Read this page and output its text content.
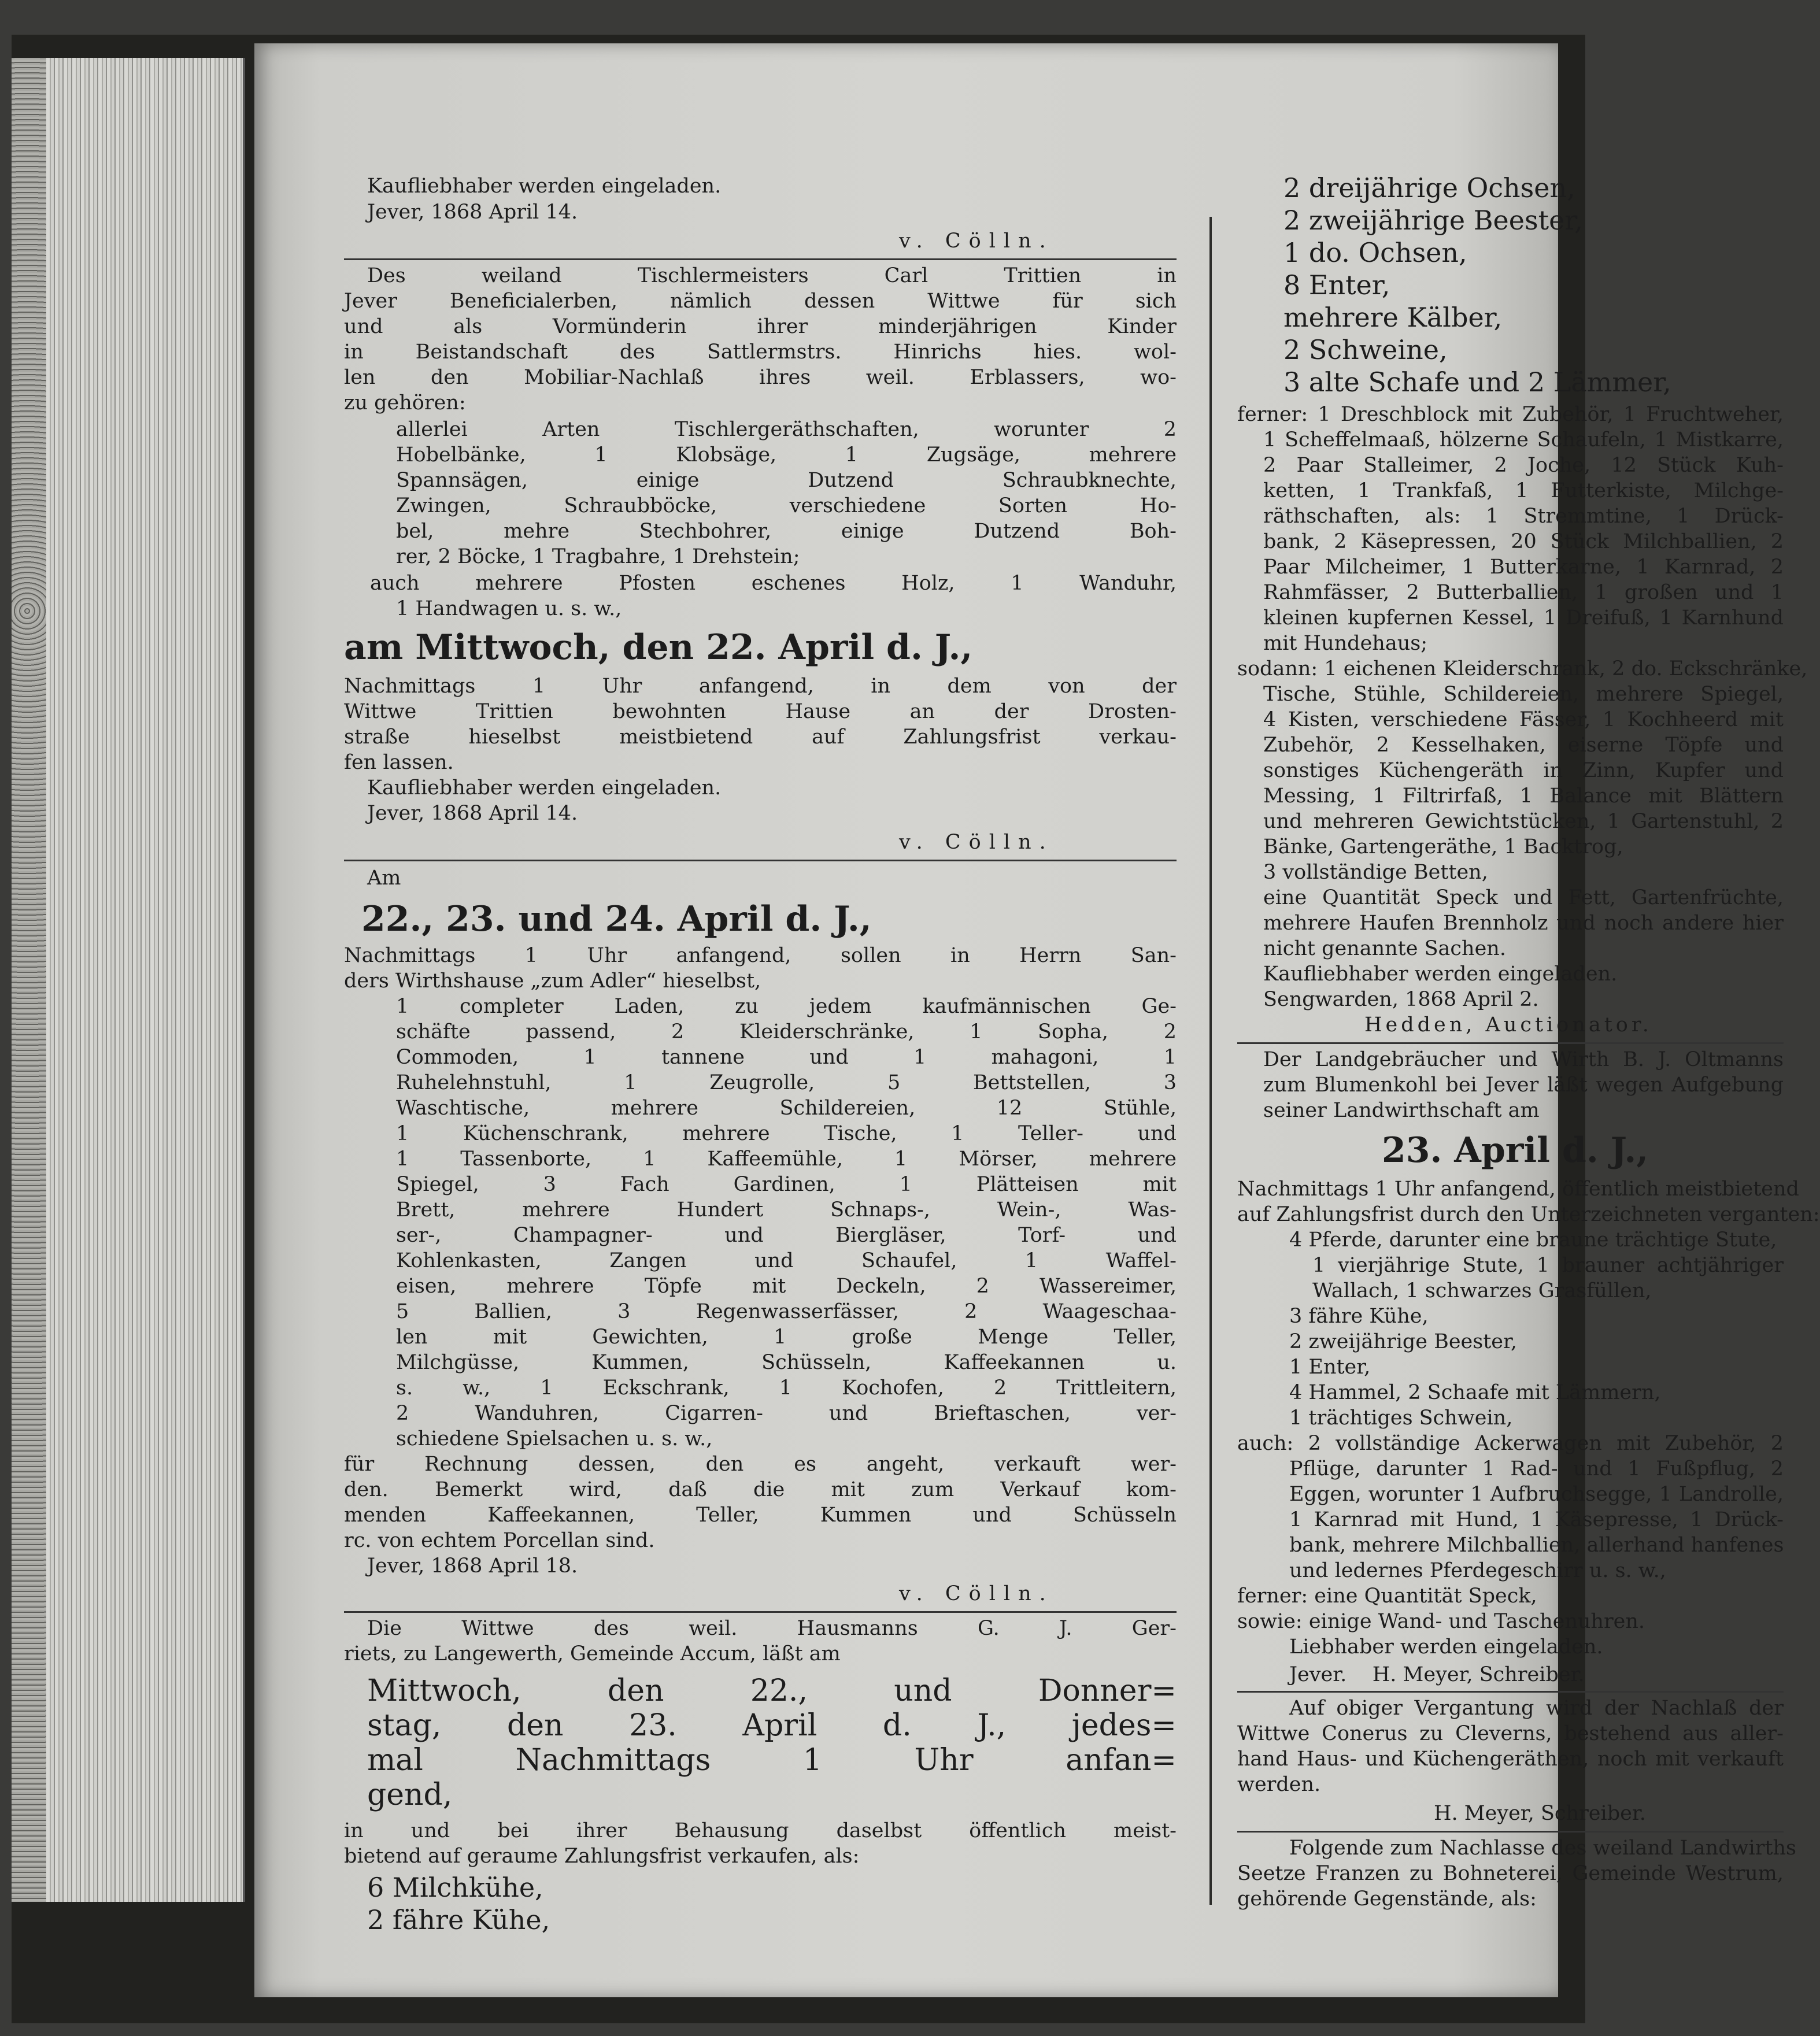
Kaufliebhaber werden eingeladen.
Jever, 1868 April 14.
v. Cölln.
Des weiland Tischlermeisters Carl Trittien in
Jever Beneficialerben, nämlich dessen Wittwe für sich
und als Vormünderin ihrer minderjährigen Kinder
in Beistandschaft des Sattlermstrs. Hinrichs hies. wol-
len den Mobiliar-Nachlaß ihres weil. Erblassers, wo-
zu gehören:
allerlei Arten Tischlergeräthschaften, worunter 2
Hobelbänke, 1 Klobsäge, 1 Zugsäge, mehrere
Spannsägen, einige Dutzend Schraubknechte,
Zwingen, Schraubböcke, verschiedene Sorten Ho-
bel, mehre Stechbohrer, einige Dutzend Boh-
rer, 2 Böcke, 1 Tragbahre, 1 Drehstein;
auch mehrere Pfosten eschenes Holz, 1 Wanduhr,
1 Handwagen u. s. w.,
am Mittwoch, den 22. April d. J.,
Nachmittags 1 Uhr anfangend, in dem von der
Wittwe Trittien bewohnten Hause an der Drosten-
straße hieselbst meistbietend auf Zahlungsfrist verkau-
fen lassen.
Kaufliebhaber werden eingeladen.
Jever, 1868 April 14.
v. Cölln.
Am
22., 23. und 24. April d. J.,
Nachmittags 1 Uhr anfangend, sollen in Herrn San-
ders Wirthshause „zum Adler“ hieselbst,
1 completer Laden, zu jedem kaufmännischen Ge-
schäfte passend, 2 Kleiderschränke, 1 Sopha, 2
Commoden, 1 tannene und 1 mahagoni, 1
Ruhelehnstuhl, 1 Zeugrolle, 5 Bettstellen, 3
Waschtische, mehrere Schildereien, 12 Stühle,
1 Küchenschrank, mehrere Tische, 1 Teller- und
1 Tassenborte, 1 Kaffeemühle, 1 Mörser, mehrere
Spiegel, 3 Fach Gardinen, 1 Plätteisen mit
Brett, mehrere Hundert Schnaps-, Wein-, Was-
ser-, Champagner- und Biergläser, Torf- und
Kohlenkasten, Zangen und Schaufel, 1 Waffel-
eisen, mehrere Töpfe mit Deckeln, 2 Wassereimer,
5 Ballien, 3 Regenwasserfässer, 2 Waageschaa-
len mit Gewichten, 1 große Menge Teller,
Milchgüsse, Kummen, Schüsseln, Kaffeekannen u.
s. w., 1 Eckschrank, 1 Kochofen, 2 Trittleitern,
2 Wanduhren, Cigarren- und Brieftaschen, ver-
schiedene Spielsachen u. s. w.,
für Rechnung dessen, den es angeht, verkauft wer-
den. Bemerkt wird, daß die mit zum Verkauf kom-
menden Kaffeekannen, Teller, Kummen und Schüsseln
rc. von echtem Porcellan sind.
Jever, 1868 April 18.
v. Cölln.
Die Wittwe des weil. Hausmanns G. J. Ger-
riets, zu Langewerth, Gemeinde Accum, läßt am
Mittwoch, den 22., und Donner=
stag, den 23. April d. J., jedes=
mal Nachmittags 1 Uhr anfan=
gend,
in und bei ihrer Behausung daselbst öffentlich meist-
bietend auf geraume Zahlungsfrist verkaufen, als:
6 Milchkühe,
2 fähre Kühe,
2 dreijährige Ochsen,
2 zweijährige Beester,
1 do. Ochsen,
8 Enter,
mehrere Kälber,
2 Schweine,
3 alte Schafe und 2 Lämmer,
ferner: 1 Dreschblock mit Zubehör, 1 Fruchtweher,
1 Scheffelmaaß, hölzerne Schaufeln, 1 Mistkarre,
2 Paar Stalleimer, 2 Joche, 12 Stück Kuh-
ketten, 1 Trankfaß, 1 Futterkiste, Milchge-
räthschaften, als: 1 Stremmtine, 1 Drück-
bank, 2 Käsepressen, 20 Stück Milchballien, 2
Paar Milcheimer, 1 Butterkarne, 1 Karnrad, 2
Rahmfässer, 2 Butterballien, 1 großen und 1
kleinen kupfernen Kessel, 1 Dreifuß, 1 Karnhund
mit Hundehaus;
sodann: 1 eichenen Kleiderschrank, 2 do. Eckschränke,
Tische, Stühle, Schildereien, mehrere Spiegel,
4 Kisten, verschiedene Fässer, 1 Kochheerd mit
Zubehör, 2 Kesselhaken, eiserne Töpfe und
sonstiges Küchengeräth in Zinn, Kupfer und
Messing, 1 Filtrirfaß, 1 Balance mit Blättern
und mehreren Gewichtstücken, 1 Gartenstuhl, 2
Bänke, Gartengeräthe, 1 Backtrog,
3 vollständige Betten,
eine Quantität Speck und Fett, Gartenfrüchte,
mehrere Haufen Brennholz und noch andere hier
nicht genannte Sachen.
Kaufliebhaber werden eingeladen.
Sengwarden, 1868 April 2.
Hedden, Auctionator.
Der Landgebräucher und Wirth B. J. Oltmanns
zum Blumenkohl bei Jever läßt wegen Aufgebung
seiner Landwirthschaft am
23. April d. J.,
Nachmittags 1 Uhr anfangend, öffentlich meistbietend
auf Zahlungsfrist durch den Unterzeichneten verganten:
4 Pferde, darunter eine braune trächtige Stute,
1 vierjährige Stute, 1 brauner achtjähriger
Wallach, 1 schwarzes Grasfüllen,
3 fähre Kühe,
2 zweijährige Beester,
1 Enter,
4 Hammel, 2 Schaafe mit Lämmern,
1 trächtiges Schwein,
auch: 2 vollständige Ackerwagen mit Zubehör, 2
Pflüge, darunter 1 Rad- und 1 Fußpflug, 2
Eggen, worunter 1 Aufbruchsegge, 1 Landrolle,
1 Karnrad mit Hund, 1 Käsepresse, 1 Drück-
bank, mehrere Milchballien, allerhand hanfenes
und ledernes Pferdegeschirr u. s. w.,
ferner: eine Quantität Speck,
sowie: einige Wand- und Taschenuhren.
Liebhaber werden eingeladen.
Jever.    H. Meyer, Schreiber.
Auf obiger Vergantung wird der Nachlaß der
Wittwe Conerus zu Cleverns, bestehend aus aller-
hand Haus- und Küchengeräthen, noch mit verkauft
werden.
H. Meyer, Schreiber.
Folgende zum Nachlasse des weiland Landwirths
Seetze Franzen zu Bohneterei, Gemeinde Westrum,
gehörende Gegenstände, als:
